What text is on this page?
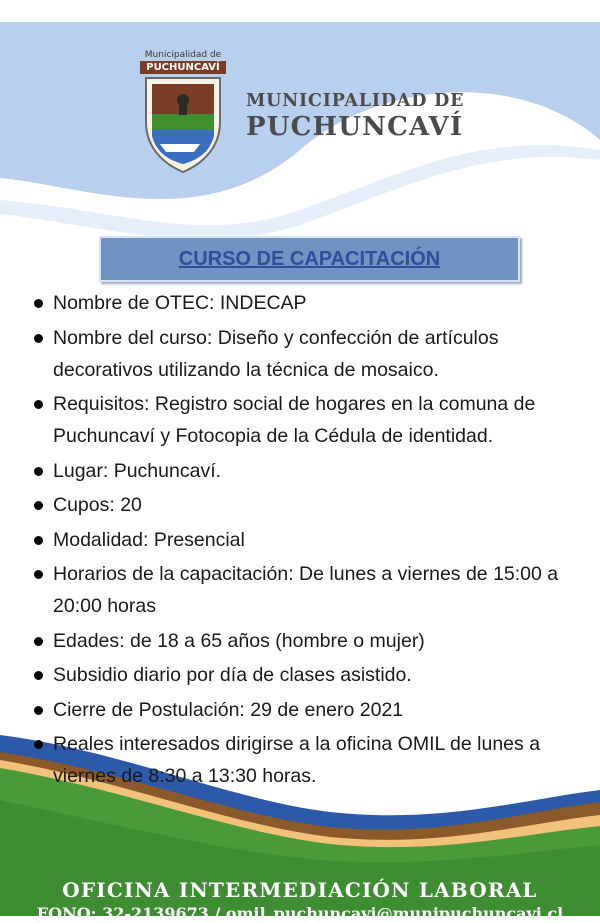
Municipalidad de
PUCHUNCAVÍ
MUNICIPALIDAD DE
PUCHUNCAVÍ
CURSO DE CAPACITACIÓN
Nombre de OTEC: INDECAP
Nombre del curso: Diseño y confección de artículos decorativos utilizando la técnica de mosaico.
Requisitos: Registro social de hogares en la comuna de Puchuncaví y Fotocopia de la Cédula de identidad.
Lugar: Puchuncaví.
Cupos: 20
Modalidad: Presencial
Horarios de la capacitación: De lunes a viernes de 15:00 a 20:00 horas
Edades: de 18 a 65 años (hombre o mujer)
Subsidio diario por día de clases asistido.
Cierre de Postulación: 29 de enero 2021
Reales interesados dirigirse a la oficina OMIL de lunes a viernes de 8:30 a 13:30 horas.
OFICINA INTERMEDIACIÓN LABORAL
FONO: 32-2139673 / omil_puchuncavi@munipuchuncavi.cl
